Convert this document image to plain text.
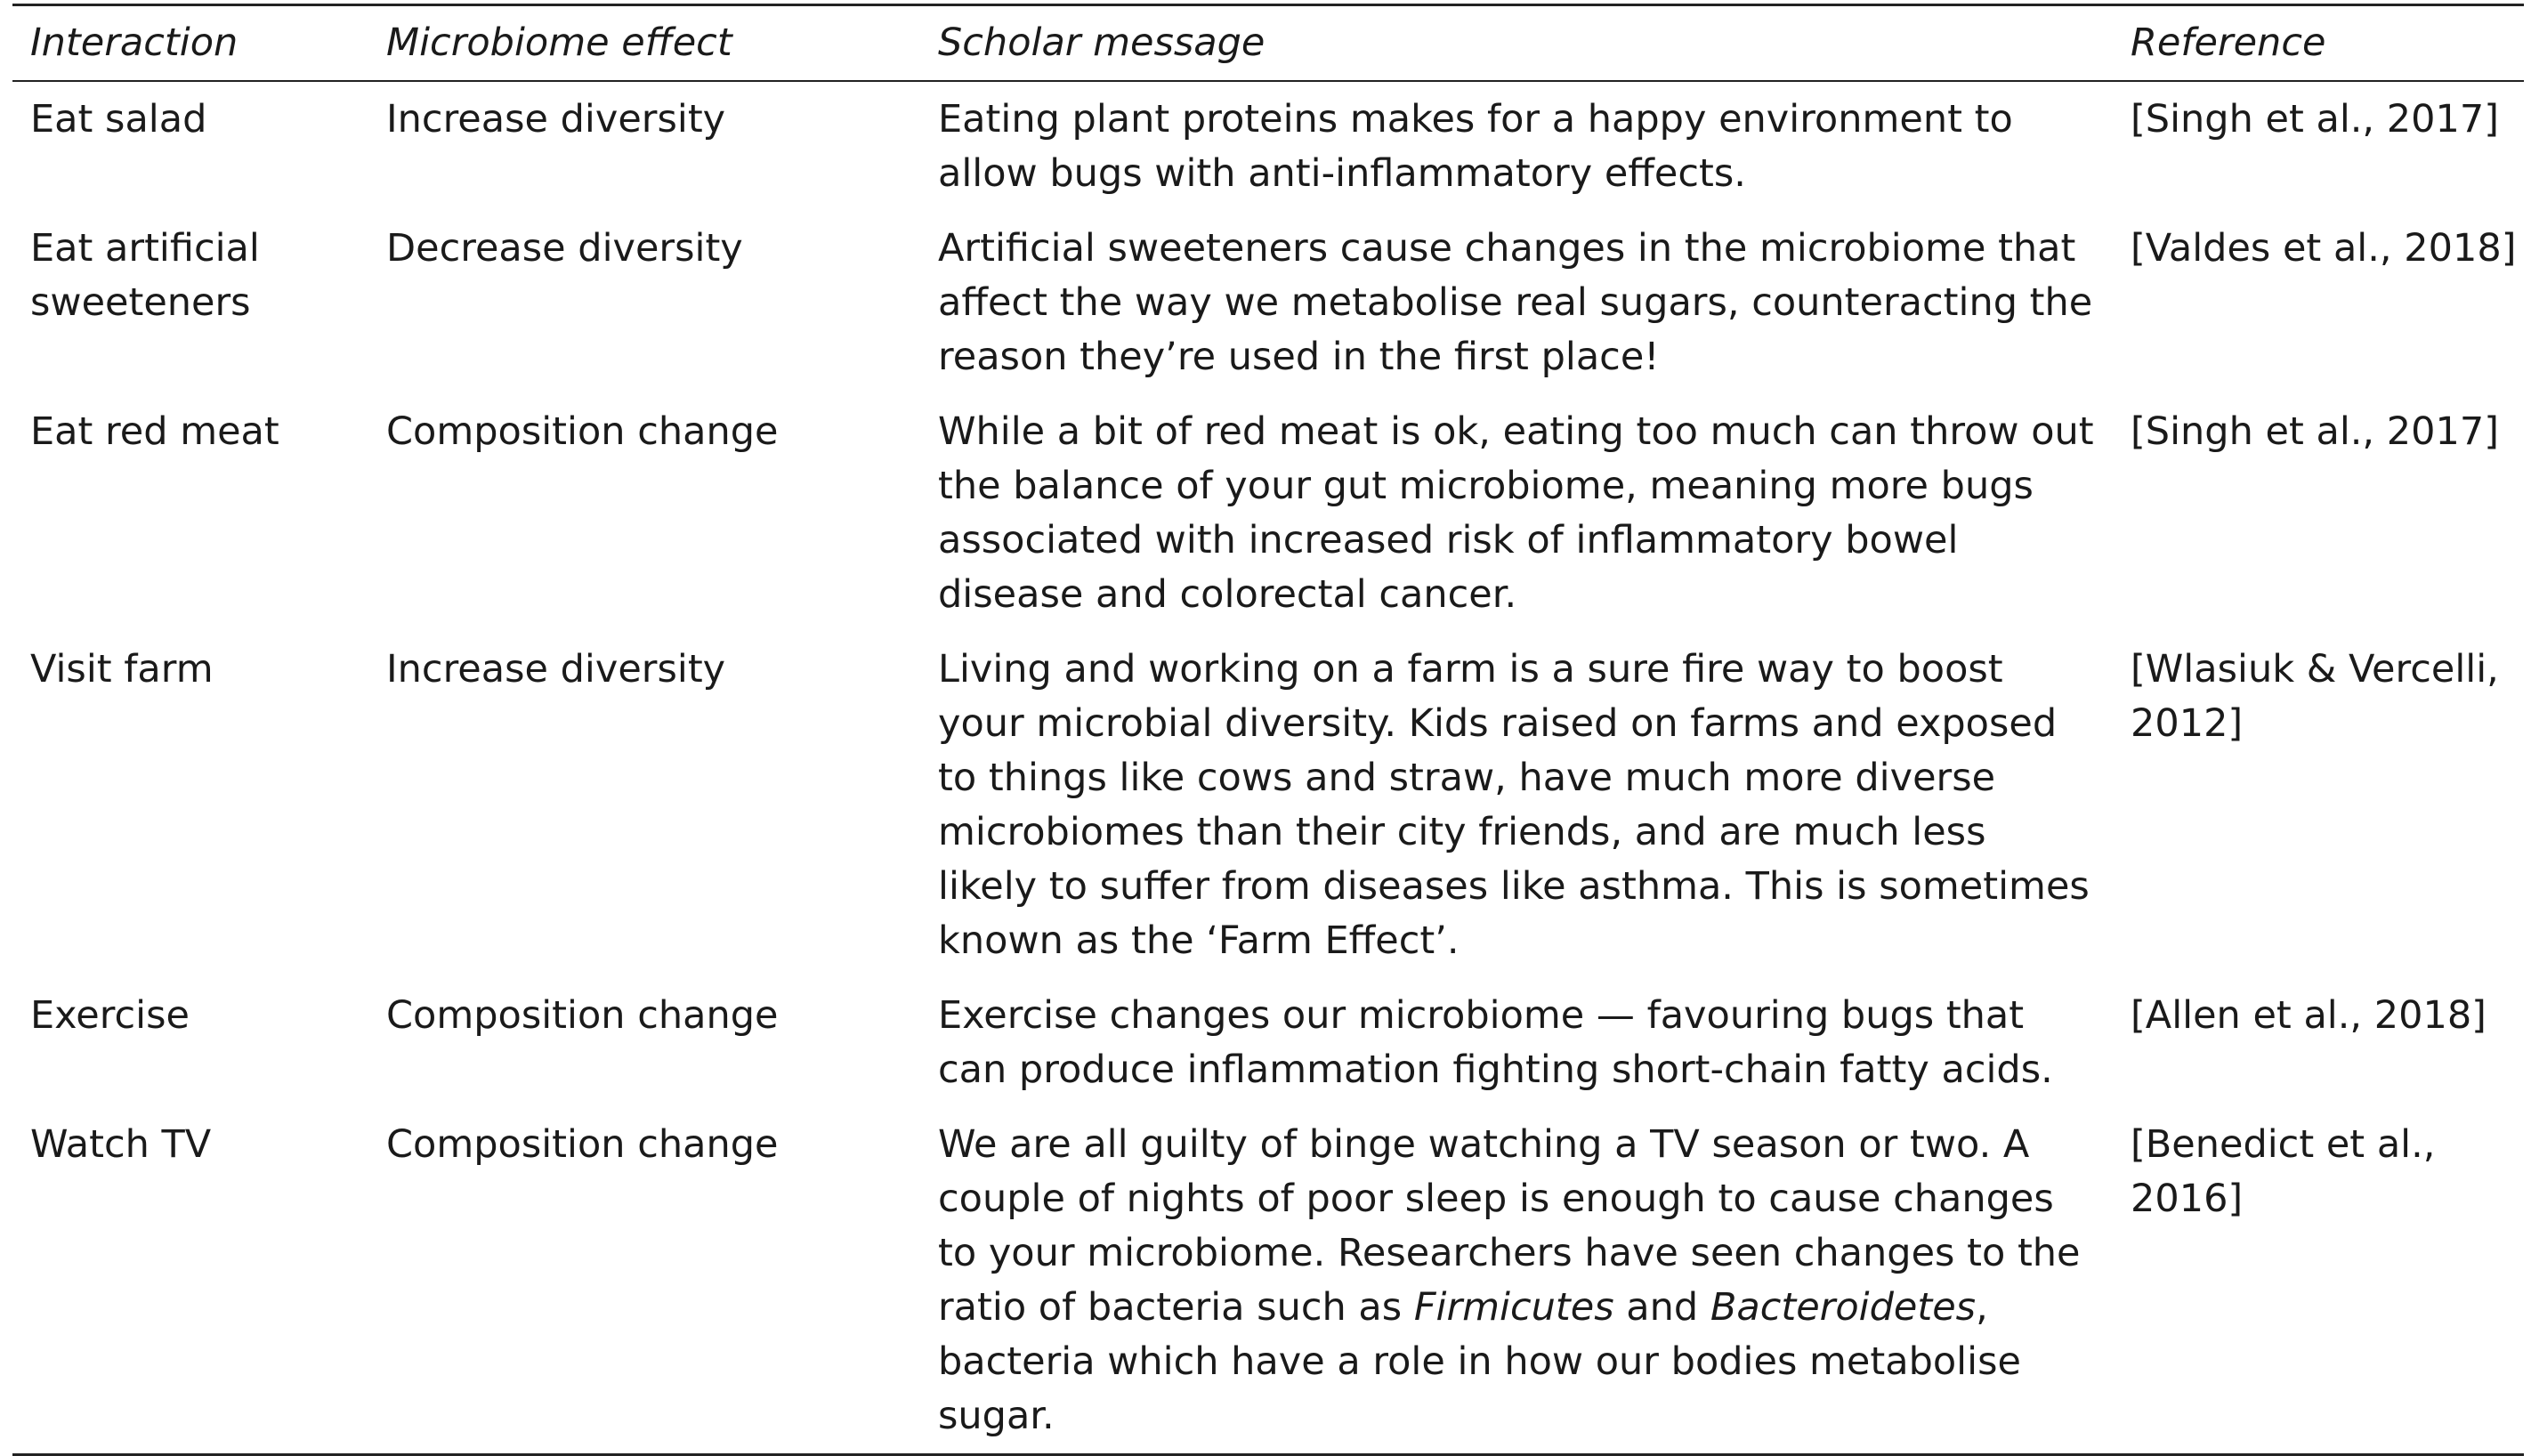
Interaction	Microbiome effect	Scholar message	Reference
Eat salad	Increase diversity	Eating plant proteins makes for a happy environment to allow bugs with anti-inflammatory effects.	[Singh et al., 2017]
Eat artificial sweeteners	Decrease diversity	Artificial sweeteners cause changes in the microbiome that affect the way we metabolise real sugars, counteracting the reason they’re used in the first place!	[Valdes et al., 2018]
Eat red meat	Composition change	While a bit of red meat is ok, eating too much can throw out the balance of your gut microbiome, meaning more bugs associated with increased risk of inflammatory bowel disease and colorectal cancer.	[Singh et al., 2017]
Visit farm	Increase diversity	Living and working on a farm is a sure fire way to boost your microbial diversity. Kids raised on farms and exposed to things like cows and straw, have much more diverse microbiomes than their city friends, and are much less likely to suffer from diseases like asthma. This is sometimes known as the ‘Farm Effect’.	[Wlasiuk & Vercelli, 2012]
Exercise	Composition change	Exercise changes our microbiome — favouring bugs that can produce inflammation fighting short-chain fatty acids.	[Allen et al., 2018]
Watch TV	Composition change	We are all guilty of binge watching a TV season or two. A couple of nights of poor sleep is enough to cause changes to your microbiome. Researchers have seen changes to the ratio of bacteria such as Firmicutes and Bacteroidetes, bacteria which have a role in how our bodies metabolise sugar.	[Benedict et al., 2016]
